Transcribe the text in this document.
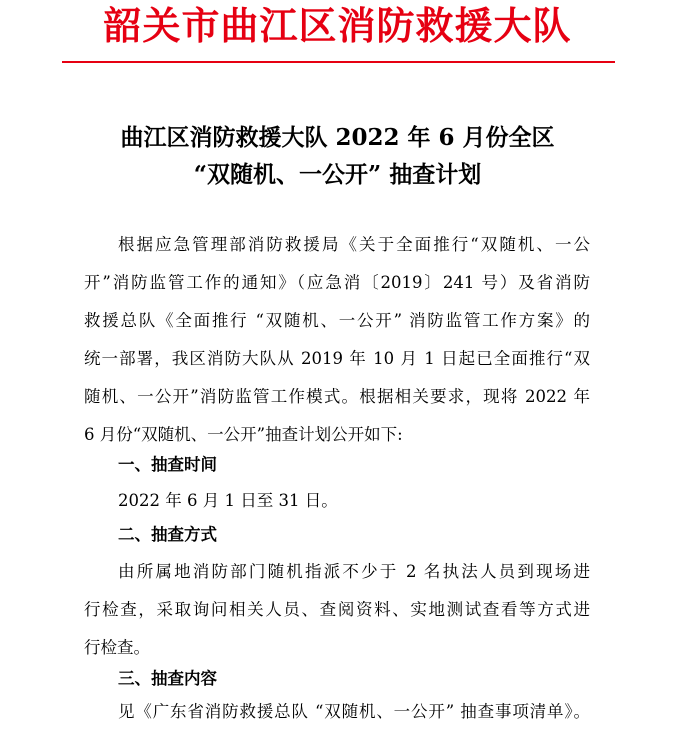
韶关市曲江区消防救援大队
曲江区消防救援大队 2022 年 6 月份全区
“双随机、一公开” 抽查计划
根据应急管理部消防救援局《关于全面推行“双随机、一公
开”消防监管工作的通知》（应急消〔2019〕241 号）及省消防
救援总队《全面推行 “双随机、一公开” 消防监管工作方案》的
统一部署，我区消防大队从 2019 年 10 月 1 日起已全面推行“双
随机、一公开”消防监管工作模式。根据相关要求，现将 2022 年
6 月份“双随机、一公开”抽查计划公开如下:
一、抽查时间
2022 年 6 月 1 日至 31 日。
二、抽查方式
由所属地消防部门随机指派不少于 2 名执法人员到现场进
行检查，采取询问相关人员、查阅资料、实地测试查看等方式进
行检查。
三、抽查内容
见《广东省消防救援总队 “双随机、一公开” 抽查事项清单》。
